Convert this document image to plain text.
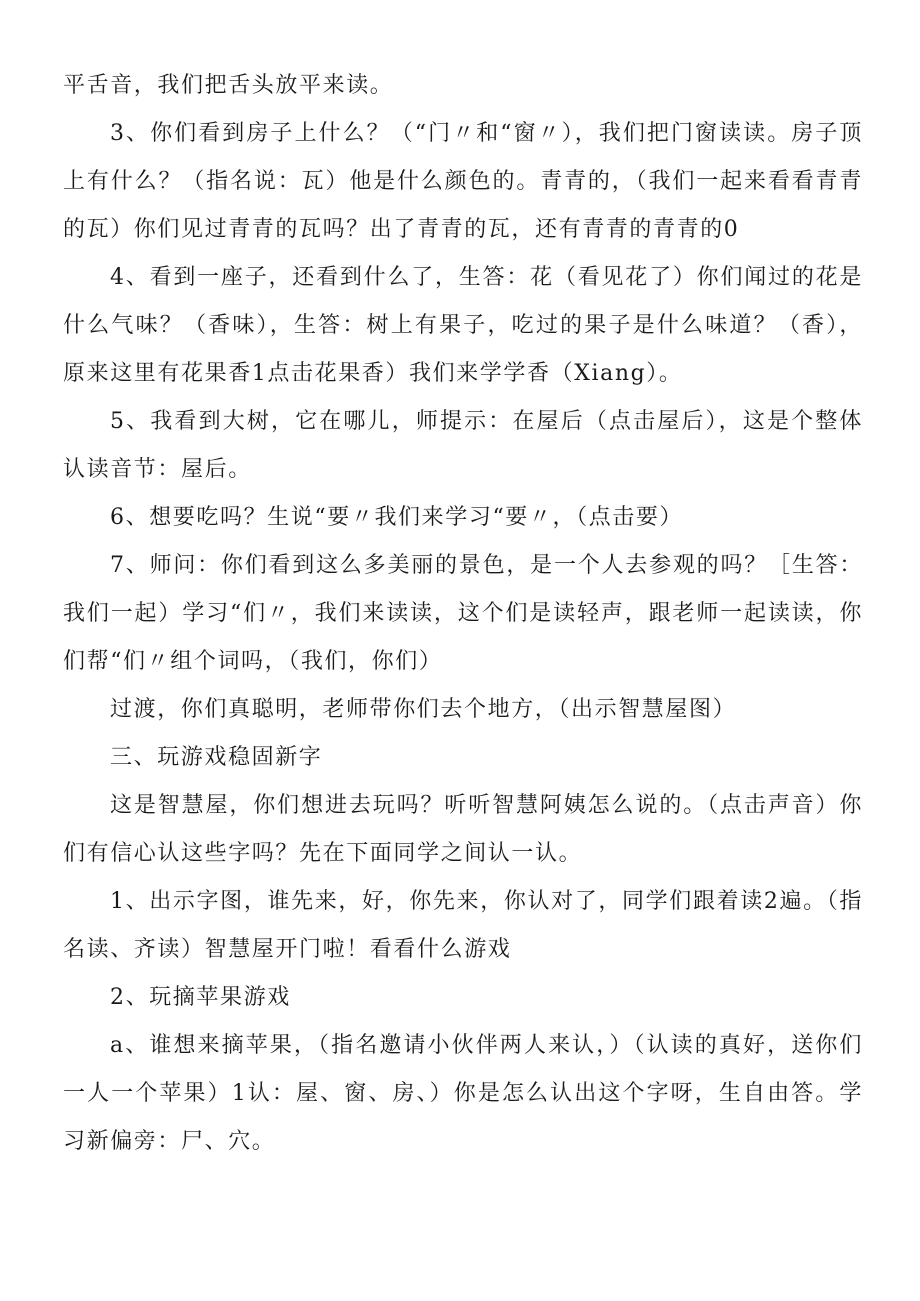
平舌音，我们把舌头放平来读。

3、你们看到房子上什么？（“门〃和“窗〃），我们把门窗读读。房子顶上有什么？（指名说：瓦）他是什么颜色的。青青的，（我们一起来看看青青的瓦）你们见过青青的瓦吗？出了青青的瓦，还有青青的青青的0

4、看到一座子，还看到什么了，生答：花（看见花了）你们闻过的花是什么气味？（香味），生答：树上有果子，吃过的果子是什么味道？（香），原来这里有花果香1点击花果香）我们来学学香（Xiang）。

5、我看到大树，它在哪儿，师提示：在屋后（点击屋后），这是个整体认读音节：屋后。

6、想要吃吗？生说“要〃我们来学习“要〃，（点击要）

7、师问：你们看到这么多美丽的景色，是一个人去参观的吗？［生答：我们一起）学习“们〃，我们来读读，这个们是读轻声，跟老师一起读读，你们帮“们〃组个词吗，（我们，你们）

过渡，你们真聪明，老师带你们去个地方，（出示智慧屋图）

三、玩游戏稳固新字

这是智慧屋，你们想进去玩吗？听听智慧阿姨怎么说的。（点击声音）你们有信心认这些字吗？先在下面同学之间认一认。

1、出示字图，谁先来，好，你先来，你认对了，同学们跟着读2遍。（指名读、齐读）智慧屋开门啦！看看什么游戏

2、玩摘苹果游戏

a、谁想来摘苹果，（指名邀请小伙伴两人来认，）（认读的真好，送你们一人一个苹果）1认：屋、窗、房、）你是怎么认出这个字呀，生自由答。学习新偏旁：尸、穴。
